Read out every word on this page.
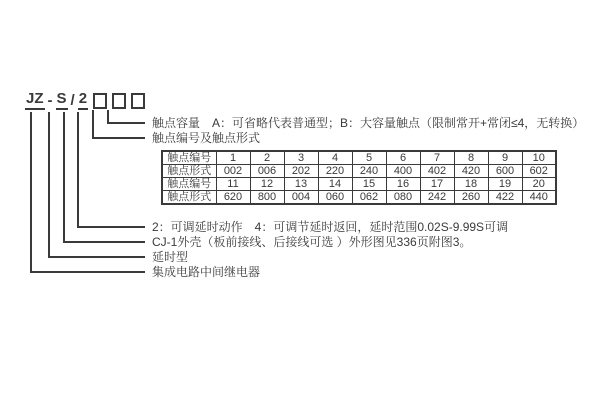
JZ - S / 2
触点容量　A：可省略代表普通型；B：大容量触点（限制常开+常闭≤4，无转换）
触点编号及触点形式
2：可调延时动作　4：可调节延时返回，延时范围0.02S-9.99S可调
CJ-1外壳（板前接线、后接线可选 ）外形图见336页附图3。
延时型
集成电路中间继电器
触点编号	1	2	3	4	5	6	7	8	9	10
触点形式	002	006	202	220	240	400	402	420	600	602
触点编号	11	12	13	14	15	16	17	18	19	20
触点形式	620	800	004	060	062	080	242	260	422	440
